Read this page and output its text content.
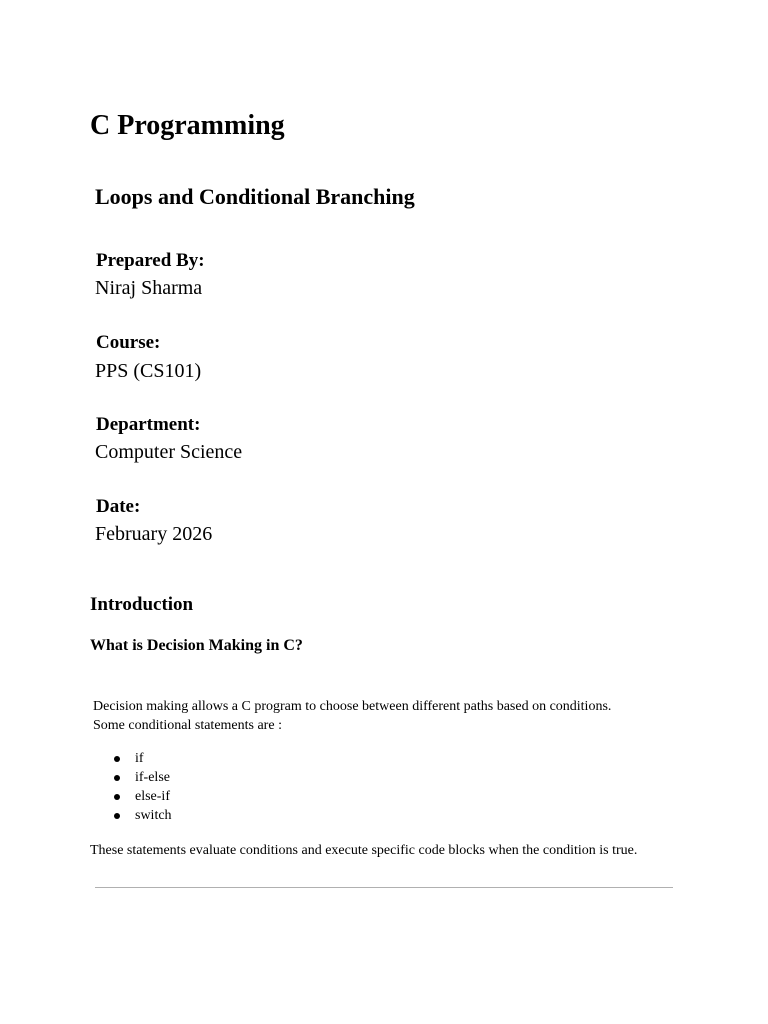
C Programming
Loops and Conditional Branching

Prepared By:

Niraj Sharma

Course:

PPS (CS101)

Department:

Computer Science

Date:

February 2026

Introduction
What is Decision Making in C?

Decision making allows a C program to choose between different paths based on conditions.

Some conditional statements are :

if
if-else
else-if
switch

These statements evaluate conditions and execute specific code blocks when the condition is true.
